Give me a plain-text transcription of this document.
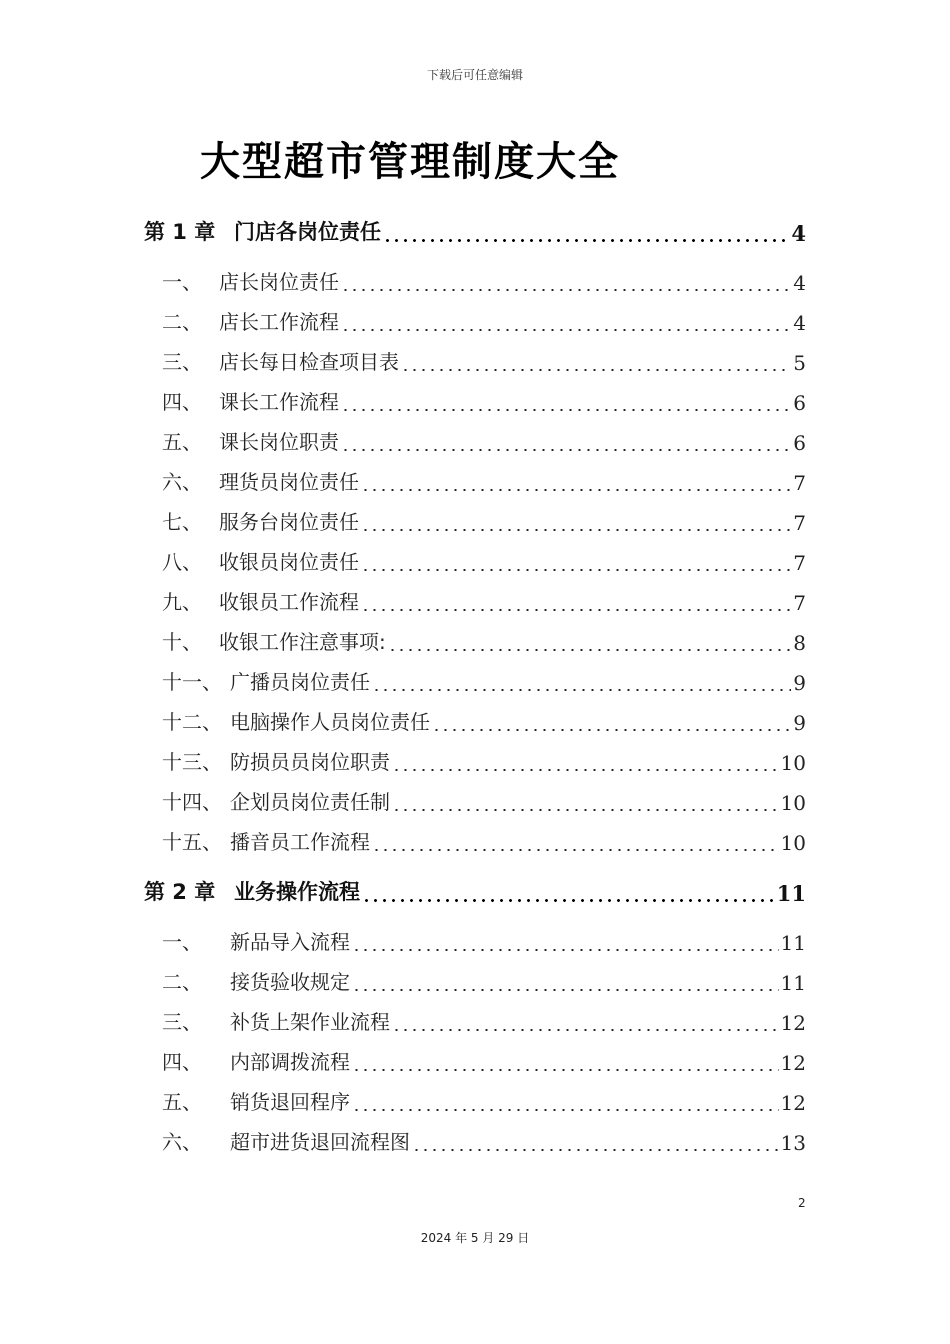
下载后可任意编辑
大型超市管理制度大全
第 1 章 门店各岗位责任	4
一、 店长岗位责任	4
二、 店长工作流程	4
三、 店长每日检查项目表	5
四、 课长工作流程	6
五、 课长岗位职责	6
六、 理货员岗位责任	7
七、 服务台岗位责任	7
八、 收银员岗位责任	7
九、 收银员工作流程	7
十、 收银工作注意事项:	8
十一、 广播员岗位责任	9
十二、 电脑操作人员岗位责任	9
十三、 防损员员岗位职责	10
十四、 企划员岗位责任制	10
十五、 播音员工作流程	10
第 2 章 业务操作流程	11
一、	新品导入流程	11
二、	接货验收规定	11
三、	补货上架作业流程	12
四、	内部调拨流程	12
五、	销货退回程序	12
六、	超市进货退回流程图	13
2
2024 年 5 月 29 日
